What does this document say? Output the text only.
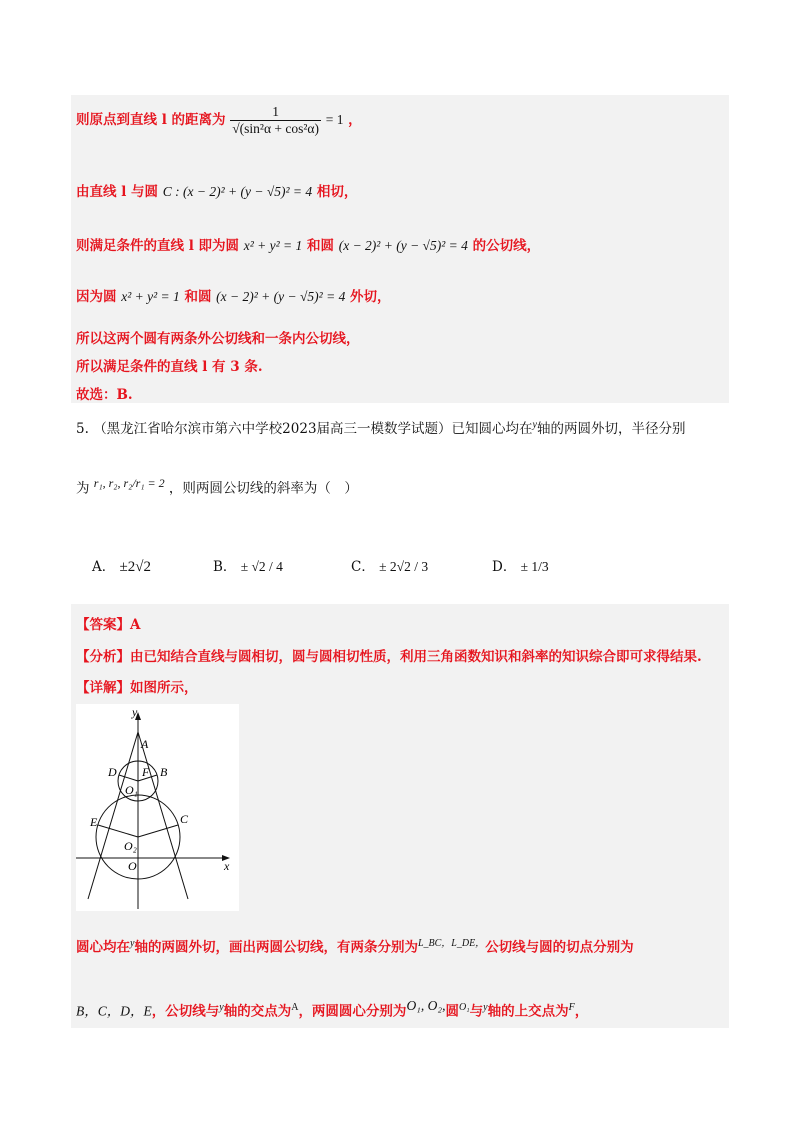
则原点到直线 l 的距离为 $\frac{1}{\text{√(sin²α + cos²α)}} = 1$ ，
由直线 l 与圆 C : (x − 2)² + (y − √5)² = 4 相切，
则满足条件的直线 l 即为圆 x² + y² = 1 和圆 (x − 2)² + (y − √5)² = 4 的公切线，
因为圆 x² + y² = 1 和圆 (x − 2)² + (y − √5)² = 4 外切，
所以这两个圆有两条外公切线和一条内公切线，
所以满足条件的直线 l 有 3 条.
故选：B.
5. （黑龙江省哈尔滨市第六中学校2023届高三一模数学试题）已知圆心均在$^y$轴的两圆外切，半径分别
为 r₁, r₂, r₂/r₁ = 2 ，则两圆公切线的斜率为（　）
A． ±2√2	B． ± √2 / 4	C． ± 2√2 / 3	D． ± 1/3
【答案】A
【分析】由已知结合直线与圆相切，圆与圆相切性质，利用三角函数知识和斜率的知识综合即可求得结果.
【详解】如图所示，
y
x
A
B
D F
O₁
E	C
O₂
O
圆心均在$^y$轴的两圆外切，画出两圆公切线，有两条分别为$^{L\_BC,L\_DE,}$公切线与圆的切点分别为
B，C，D，E，公切线与$^y$轴的交点为$^A$，两圆圆心分别为O₁, O₂,圆$^{O_1}$与$^y$轴的上交点为$^F$，
